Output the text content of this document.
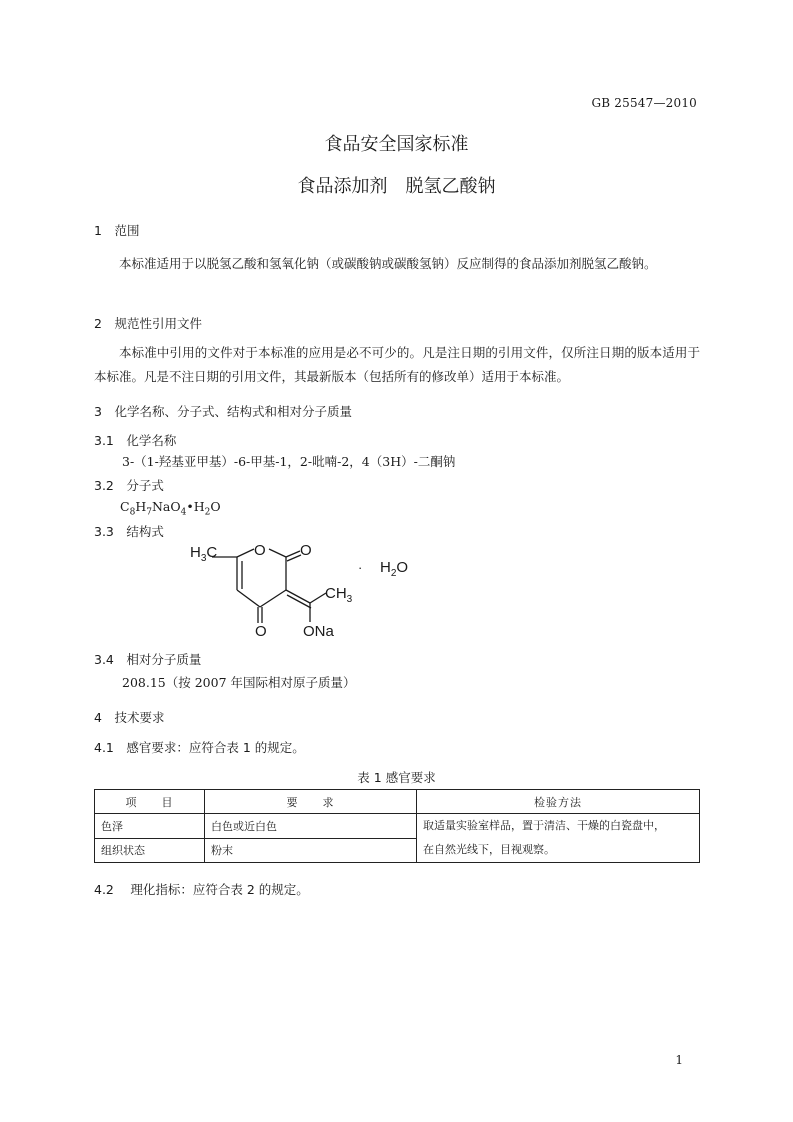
GB 25547—2010
食品安全国家标准
食品添加剂　脱氢乙酸钠
1　范围
本标准适用于以脱氢乙酸和氢氧化钠（或碳酸钠或碳酸氢钠）反应制得的食品添加剂脱氢乙酸钠。
2　规范性引用文件
本标准中引用的文件对于本标准的应用是必不可少的。凡是注日期的引用文件，仅所注日期的版本适用于本标准。凡是不注日期的引用文件，其最新版本（包括所有的修改单）适用于本标准。
3　化学名称、分子式、结构式和相对分子质量
3.1　化学名称
3-（1-羟基亚甲基）-6-甲基-1，2-吡喃-2，4（3H）-二酮钠
3.2　分子式
$C_8H_7NaO_4•H_2O$
3.3　结构式
$H_3C$ O O
$CH_3$
O ONa
· $H_2O$
3.4　相对分子质量
208.15（按 2007 年国际相对原子质量）
4　技术要求
4.1　感官要求：应符合表 1 的规定。
表 1 感官要求
项　　目	要　　求	检验方法
色泽	白色或近白色	取适量实验室样品，置于清洁、干燥的白瓷盘中，
在自然光线下，目视观察。
组织状态	粉末	
4.2　 理化指标：应符合表 2 的规定。
1
